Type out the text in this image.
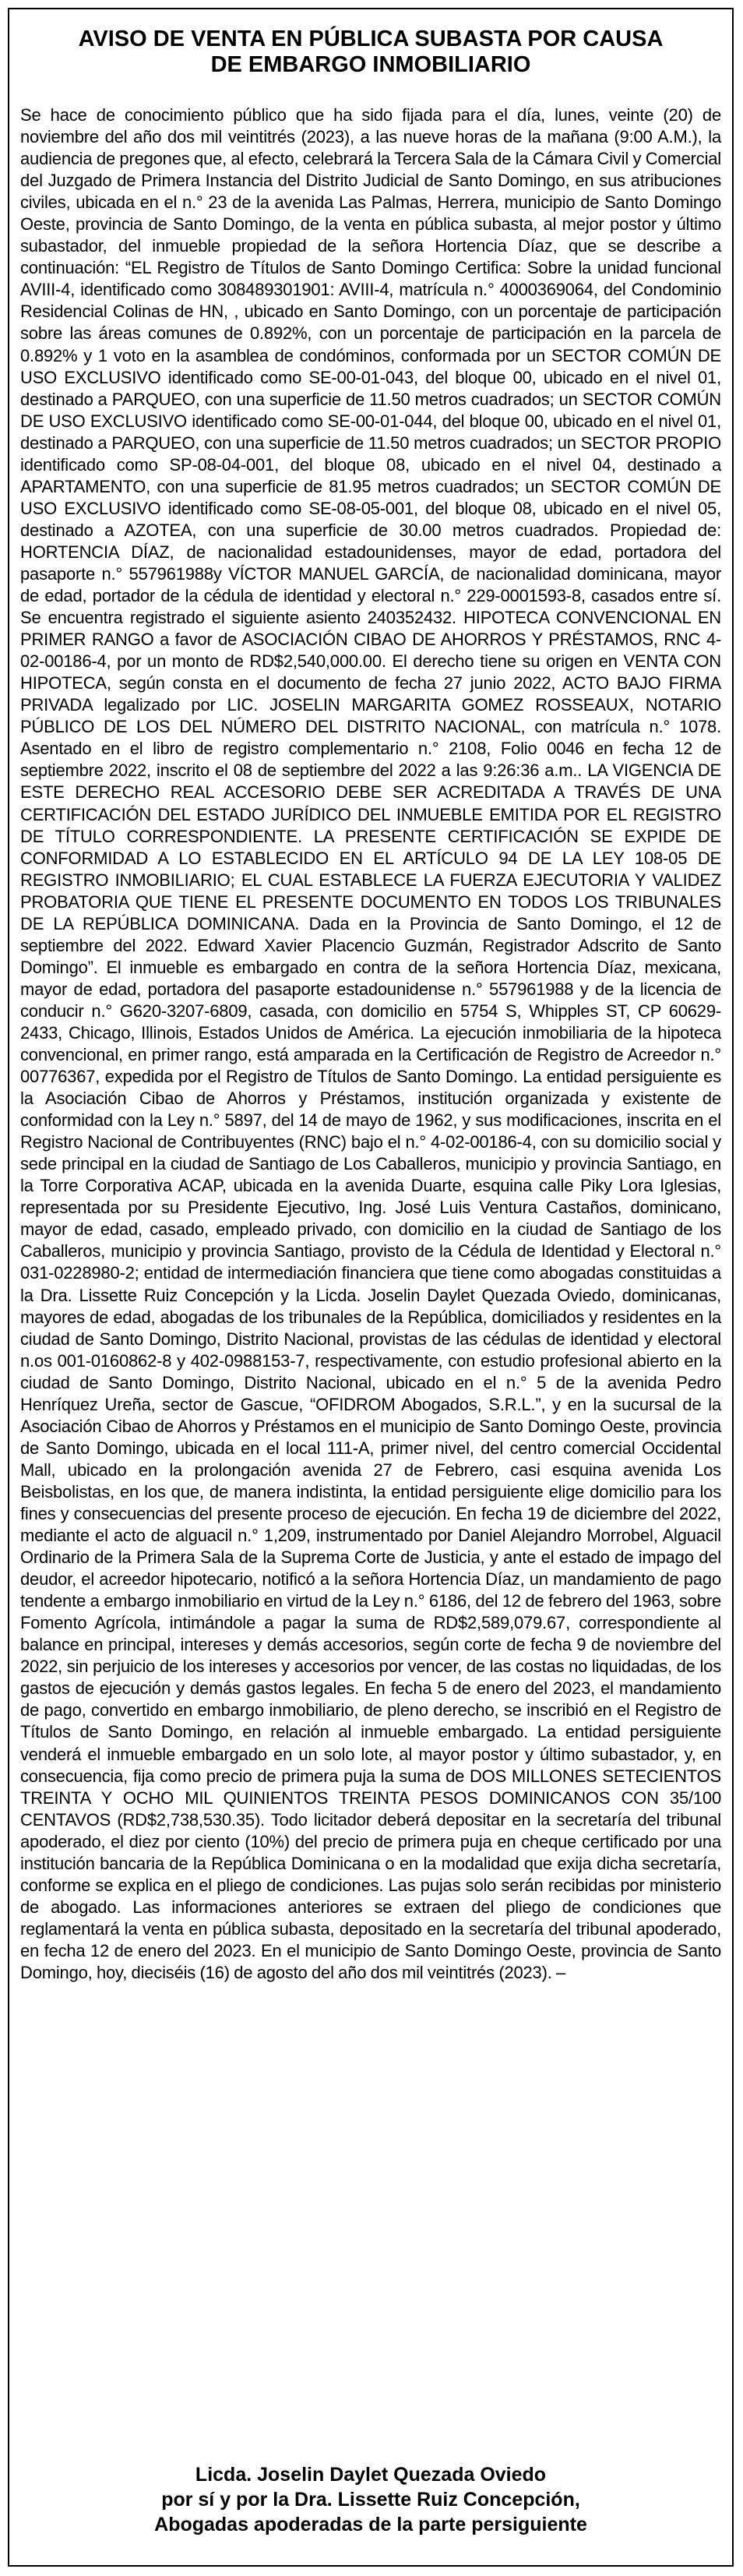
AVISO DE VENTA EN PÚBLICA SUBASTA POR CAUSA
DE EMBARGO INMOBILIARIO

Se hace de conocimiento público que ha sido fijada para el día, lunes, veinte (20) de noviembre del año dos mil veintitrés (2023), a las nueve horas de la mañana (9:00 A.M.), la audiencia de pregones que, al efecto, celebrará la Tercera Sala de la Cámara Civil y Comercial del Juzgado de Primera Instancia del Distrito Judicial de Santo Domingo, en sus atribuciones civiles, ubicada en el n.° 23 de la avenida Las Palmas, Herrera, municipio de Santo Domingo Oeste, provincia de Santo Domingo, de la venta en pública subasta, al mejor postor y último subastador, del inmueble propiedad de la señora Hortencia Díaz, que se describe a continuación: “EL Registro de Títulos de Santo Domingo Certifica: Sobre la unidad funcional AVIII-4, identificado como 308489301901: AVIII-4, matrícula n.° 4000369064, del Condominio Residencial Colinas de HN, , ubicado en Santo Domingo, con un porcentaje de participación sobre las áreas comunes de 0.892%, con un porcentaje de participación en la parcela de 0.892% y 1 voto en la asamblea de condóminos, conformada por un SECTOR COMÚN DE USO EXCLUSIVO identificado como SE-00-01-043, del bloque 00, ubicado en el nivel 01, destinado a PARQUEO, con una superficie de 11.50 metros cuadrados; un SECTOR COMÚN DE USO EXCLUSIVO identificado como SE-00-01-044, del bloque 00, ubicado en el nivel 01, destinado a PARQUEO, con una superficie de 11.50 metros cuadrados; un SECTOR PROPIO identificado como SP-08-04-001, del bloque 08, ubicado en el nivel 04, destinado a APARTAMENTO, con una superficie de 81.95 metros cuadrados; un SECTOR COMÚN DE USO EXCLUSIVO identificado como SE-08-05-001, del bloque 08, ubicado en el nivel 05, destinado a AZOTEA, con una superficie de 30.00 metros cuadrados. Propiedad de: HORTENCIA DÍAZ, de nacionalidad estadounidenses, mayor de edad, portadora del pasaporte n.° 557961988y VÍCTOR MANUEL GARCÍA, de nacionalidad dominicana, mayor de edad, portador de la cédula de identidad y electoral n.° 229-0001593-8, casados entre sí. Se encuentra registrado el siguiente asiento 240352432. HIPOTECA CONVENCIONAL EN PRIMER RANGO a favor de ASOCIACIÓN CIBAO DE AHORROS Y PRÉSTAMOS, RNC 4-02-00186-4, por un monto de RD$2,540,000.00. El derecho tiene su origen en VENTA CON HIPOTECA, según consta en el documento de fecha 27 junio 2022, ACTO BAJO FIRMA PRIVADA legalizado por LIC. JOSELIN MARGARITA GOMEZ ROSSEAUX, NOTARIO PÚBLICO DE LOS DEL NÚMERO DEL DISTRITO NACIONAL, con matrícula n.° 1078. Asentado en el libro de registro complementario n.° 2108, Folio 0046 en fecha 12 de septiembre 2022, inscrito el 08 de septiembre del 2022 a las 9:26:36 a.m.. LA VIGENCIA DE ESTE DERECHO REAL ACCESORIO DEBE SER ACREDITADA A TRAVÉS DE UNA CERTIFICACIÓN DEL ESTADO JURÍDICO DEL INMUEBLE EMITIDA POR EL REGISTRO DE TÍTULO CORRESPONDIENTE. LA PRESENTE CERTIFICACIÓN SE EXPIDE DE CONFORMIDAD A LO ESTABLECIDO EN EL ARTÍCULO 94 DE LA LEY 108-05 DE REGISTRO INMOBILIARIO; EL CUAL ESTABLECE LA FUERZA EJECUTORIA Y VALIDEZ PROBATORIA QUE TIENE EL PRESENTE DOCUMENTO EN TODOS LOS TRIBUNALES DE LA REPÚBLICA DOMINICANA. Dada en la Provincia de Santo Domingo, el 12 de septiembre del 2022. Edward Xavier Placencio Guzmán, Registrador Adscrito de Santo Domingo”. El inmueble es embargado en contra de la señora Hortencia Díaz, mexicana, mayor de edad, portadora del pasaporte estadounidense n.° 557961988 y de la licencia de conducir n.° G620-3207-6809, casada, con domicilio en 5754 S, Whipples ST, CP 60629-2433, Chicago, Illinois, Estados Unidos de América. La ejecución inmobiliaria de la hipoteca convencional, en primer rango, está amparada en la Certificación de Registro de Acreedor n.° 00776367, expedida por el Registro de Títulos de Santo Domingo. La entidad persiguiente es la Asociación Cibao de Ahorros y Préstamos, institución organizada y existente de conformidad con la Ley n.° 5897, del 14 de mayo de 1962, y sus modificaciones, inscrita en el Registro Nacional de Contribuyentes (RNC) bajo el n.° 4-02-00186-4, con su domicilio social y sede principal en la ciudad de Santiago de Los Caballeros, municipio y provincia Santiago, en la Torre Corporativa ACAP, ubicada en la avenida Duarte, esquina calle Piky Lora Iglesias, representada por su Presidente Ejecutivo, Ing. José Luis Ventura Castaños, dominicano, mayor de edad, casado, empleado privado, con domicilio en la ciudad de Santiago de los Caballeros, municipio y provincia Santiago, provisto de la Cédula de Identidad y Electoral n.° 031-0228980-2; entidad de intermediación financiera que tiene como abogadas constituidas a la Dra. Lissette Ruiz Concepción y la Licda. Joselin Daylet Quezada Oviedo, dominicanas, mayores de edad, abogadas de los tribunales de la República, domiciliados y residentes en la ciudad de Santo Domingo, Distrito Nacional, provistas de las cédulas de identidad y electoral n.os 001-0160862-8 y 402-0988153-7, respectivamente, con estudio profesional abierto en la ciudad de Santo Domingo, Distrito Nacional, ubicado en el n.° 5 de la avenida Pedro Henríquez Ureña, sector de Gascue, “OFIDROM Abogados, S.R.L.”, y en la sucursal de la Asociación Cibao de Ahorros y Préstamos en el municipio de Santo Domingo Oeste, provincia de Santo Domingo, ubicada en el local 111-A, primer nivel, del centro comercial Occidental Mall, ubicado en la prolongación avenida 27 de Febrero, casi esquina avenida Los Beisbolistas, en los que, de manera indistinta, la entidad persiguiente elige domicilio para los fines y consecuencias del presente proceso de ejecución. En fecha 19 de diciembre del 2022, mediante el acto de alguacil n.° 1,209, instrumentado por Daniel Alejandro Morrobel, Alguacil Ordinario de la Primera Sala de la Suprema Corte de Justicia, y ante el estado de impago del deudor, el acreedor hipotecario, notificó a la señora Hortencia Díaz, un mandamiento de pago tendente a embargo inmobiliario en virtud de la Ley n.° 6186, del 12 de febrero del 1963, sobre Fomento Agrícola, intimándole a pagar la suma de RD$2,589,079.67, correspondiente al balance en principal, intereses y demás accesorios, según corte de fecha 9 de noviembre del 2022, sin perjuicio de los intereses y accesorios por vencer, de las costas no liquidadas, de los gastos de ejecución y demás gastos legales. En fecha 5 de enero del 2023, el mandamiento de pago, convertido en embargo inmobiliario, de pleno derecho, se inscribió en el Registro de Títulos de Santo Domingo, en relación al inmueble embargado. La entidad persiguiente venderá el inmueble embargado en un solo lote, al mayor postor y último subastador, y, en consecuencia, fija como precio de primera puja la suma de DOS MILLONES SETECIENTOS TREINTA Y OCHO MIL QUINIENTOS TREINTA PESOS DOMINICANOS CON 35/100 CENTAVOS (RD$2,738,530.35). Todo licitador deberá depositar en la secretaría del tribunal apoderado, el diez por ciento (10%) del precio de primera puja en cheque certificado por una institución bancaria de la República Dominicana o en la modalidad que exija dicha secretaría, conforme se explica en el pliego de condiciones. Las pujas solo serán recibidas por ministerio de abogado. Las informaciones anteriores se extraen del pliego de condiciones que reglamentará la venta en pública subasta, depositado en la secretaría del tribunal apoderado, en fecha 12 de enero del 2023. En el municipio de Santo Domingo Oeste, provincia de Santo Domingo, hoy, dieciséis (16) de agosto del año dos mil veintitrés (2023). –

Licda. Joselin Daylet Quezada Oviedo
por sí y por la Dra. Lissette Ruiz Concepción,
Abogadas apoderadas de la parte persiguiente
